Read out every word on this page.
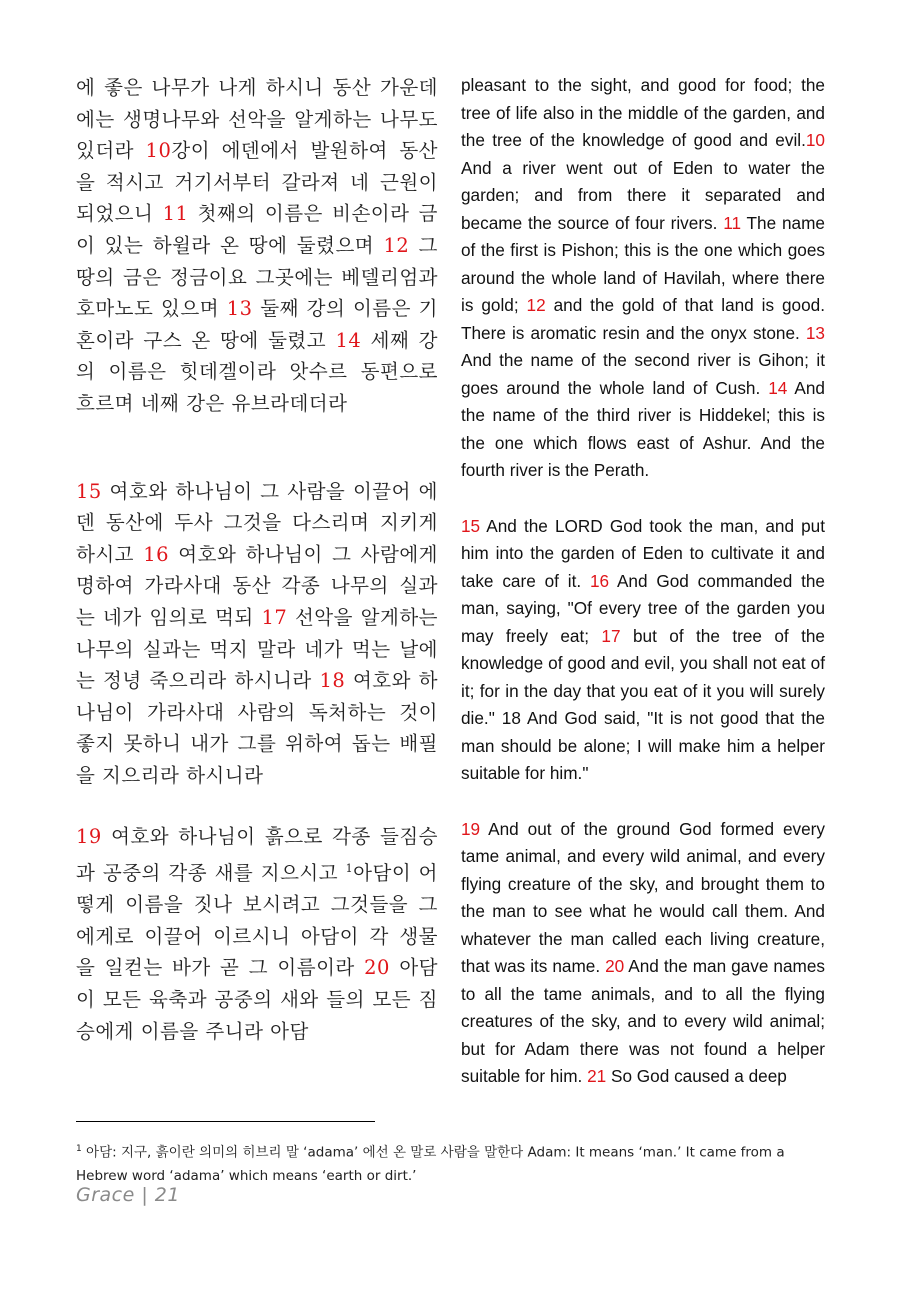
에 좋은 나무가 나게 하시니 동산 가운데에는 생명나무와 선악을 알게하는 나무도 있더라 10강이 에덴에서 발원하여 동산을 적시고 거기서부터 갈라져 네 근원이 되었으니 11 첫째의 이름은 비손이라 금이 있는 하윌라 온 땅에 둘렸으며 12 그 땅의 금은 정금이요 그곳에는 베델리엄과 호마노도 있으며 13 둘째 강의 이름은 기혼이라 구스 온 땅에 둘렸고 14 세째 강의 이름은 힛데겔이라 앗수르 동편으로 흐르며 네째 강은 유브라데더라

15 여호와 하나님이 그 사람을 이끌어 에덴 동산에 두사 그것을 다스리며 지키게 하시고 16 여호와 하나님이 그 사람에게 명하여 가라사대 동산 각종 나무의 실과는 네가 임의로 먹되 17 선악을 알게하는 나무의 실과는 먹지 말라 네가 먹는 날에는 정녕 죽으리라 하시니라 18 여호와 하나님이 가라사대 사람의 독처하는 것이 좋지 못하니 내가 그를 위하여 돕는 배필을 지으리라 하시니라

19 여호와 하나님이 흙으로 각종 들짐승과 공중의 각종 새를 지으시고 $^1$아담이 어떻게 이름을 짓나 보시려고 그것들을 그에게로 이끌어 이르시니 아담이 각 생물을 일컫는 바가 곧 그 이름이라 20 아담이 모든 육축과 공중의 새와 들의 모든 짐승에게 이름을 주니라 아담

pleasant to the sight, and good for food; the tree of life also in the middle of the garden, and the tree of the knowledge of good and evil.10 And a river went out of Eden to water the garden; and from there it separated and became the source of four rivers. 11 The name of the first is Pishon; this is the one which goes around the whole land of Havilah, where there is gold; 12 and the gold of that land is good. There is aromatic resin and the onyx stone. 13 And the name of the second river is Gihon; it goes around the whole land of Cush. 14 And the name of the third river is Hiddekel; this is the one which flows east of Ashur. And the fourth river is the Perath.

15 And the LORD God took the man, and put him into the garden of Eden to cultivate it and take care of it. 16 And God commanded the man, saying, "Of every tree of the garden you may freely eat; 17 but of the tree of the knowledge of good and evil, you shall not eat of it; for in the day that you eat of it you will surely die." 18 And God said, "It is not good that the man should be alone; I will make him a helper suitable for him."

19 And out of the ground God formed every tame animal, and every wild animal, and every flying creature of the sky, and brought them to the man to see what he would call them. And whatever the man called each living creature, that was its name. 20 And the man gave names to all the tame animals, and to all the flying creatures of the sky, and to every wild animal; but for Adam there was not found a helper suitable for him. 21 So God caused a deep

$^1$ 아담: 지구, 흙이란 의미의 히브리 말 ‘adama’ 에선 온 말로 사람을 말한다 Adam: It means ‘man.’ It came from a Hebrew word ‘adama’ which means ‘earth or dirt.’
Grace | 21
